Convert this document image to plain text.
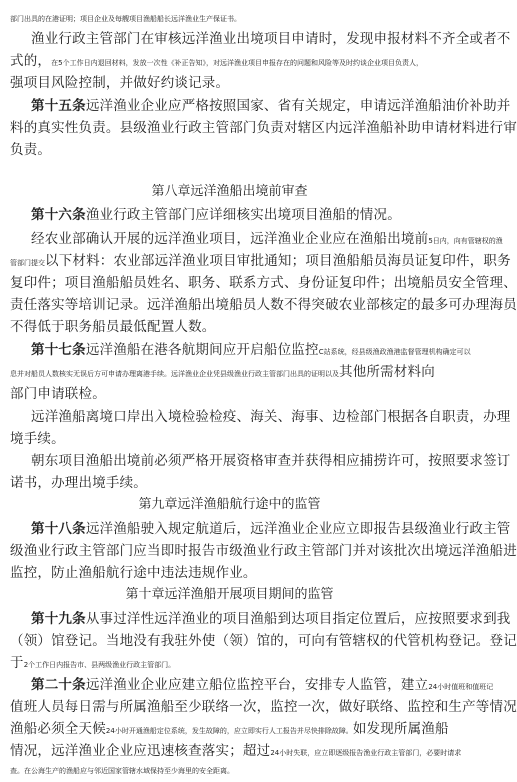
部门出具的在港证明；项目企业及每艘项目渔船船长远洋渔业生产保证书。
渔业行政主管部门在审核远洋渔业出境项目申请时，发现申报材料不齐全或者不
式的，在5个工作日内退回材料，发放一次性《补正告知》，对远洋渔业项目申报存在的问题和风险等及时约谈企业项目负责人，
强项目风险控制，并做好约谈记录。
第十五条远洋渔业企业应严格按照国家、省有关规定，申请远洋渔船油价补助并
料的真实性负责。县级渔业行政主管部门负责对辖区内远洋渔船补助申请材料进行审
负责。
第八章远洋渔船出境前审查
第十六条渔业行政主管部门应详细核实出境项目渔船的情况。
经农业部确认开展的远洋渔业项目，远洋渔业企业应在渔船出境前5日内，向有管辖权的渔
管部门提交以下材料：农业部远洋渔业项目审批通知；项目渔船船员海员证复印件，职务
复印件；项目渔船船员姓名、职务、联系方式、身份证复印件；出境船员安全管理、
责任落实等培训记录。远洋渔船出境船员人数不得突破农业部核定的最多可办理海员
不得低于职务船员最低配置人数。
第十七条远洋渔船在港各航期间应开启船位监控C站系统，经县级渔政渔港监督管理机构确定可以
息并对船员人数核实无误后方可申请办理离港手续。远洋渔业企业凭县级渔业行政主管部门出具的证明以及其他所需材料向
部门申请联检。
远洋渔船离境口岸出入境检验检疫、海关、海事、边检部门根据各自职责，办理
境手续。
朝东项目渔船出境前必须严格开展资格审查并获得相应捕捞许可，按照要求签订
诺书，办理出境手续。
第九章远洋渔船航行途中的监管
第十八条远洋渔船驶入规定航道后，远洋渔业企业应立即报告县级渔业行政主管
级渔业行政主管部门应当即时报告市级渔业行政主管部门并对该批次出境远洋渔船进
监控，防止渔船航行途中违法违规作业。
第十章远洋渔船开展项目期间的监管
第十九条从事过洋性远洋渔业的项目渔船到达项目指定位置后，应按照要求到我
（领）馆登记。当地没有我驻外使（领）馆的，可向有管辖权的代管机构登记。登记
于2个工作日内报告市、县两级渔业行政主管部门。
第二十条远洋渔业企业应建立船位监控平台，安排专人监管，建立24小时值班和值班记
值班人员每日需与所属渔船至少联络一次，监控一次，做好联络、监控和生产等情况
渔船必须全天候24小时开通渔船定位系统，发生故障的，应立即实行人工报告并尽快排除故障。如发现所属渔船
情况，远洋渔业企业应迅速核查落实；超过24小时失联，应立即逐级报告渔业行政主管部门，必要时请求
查。在公海生产的渔船应与邻近国家管辖水域保持至少海里的安全距离。
